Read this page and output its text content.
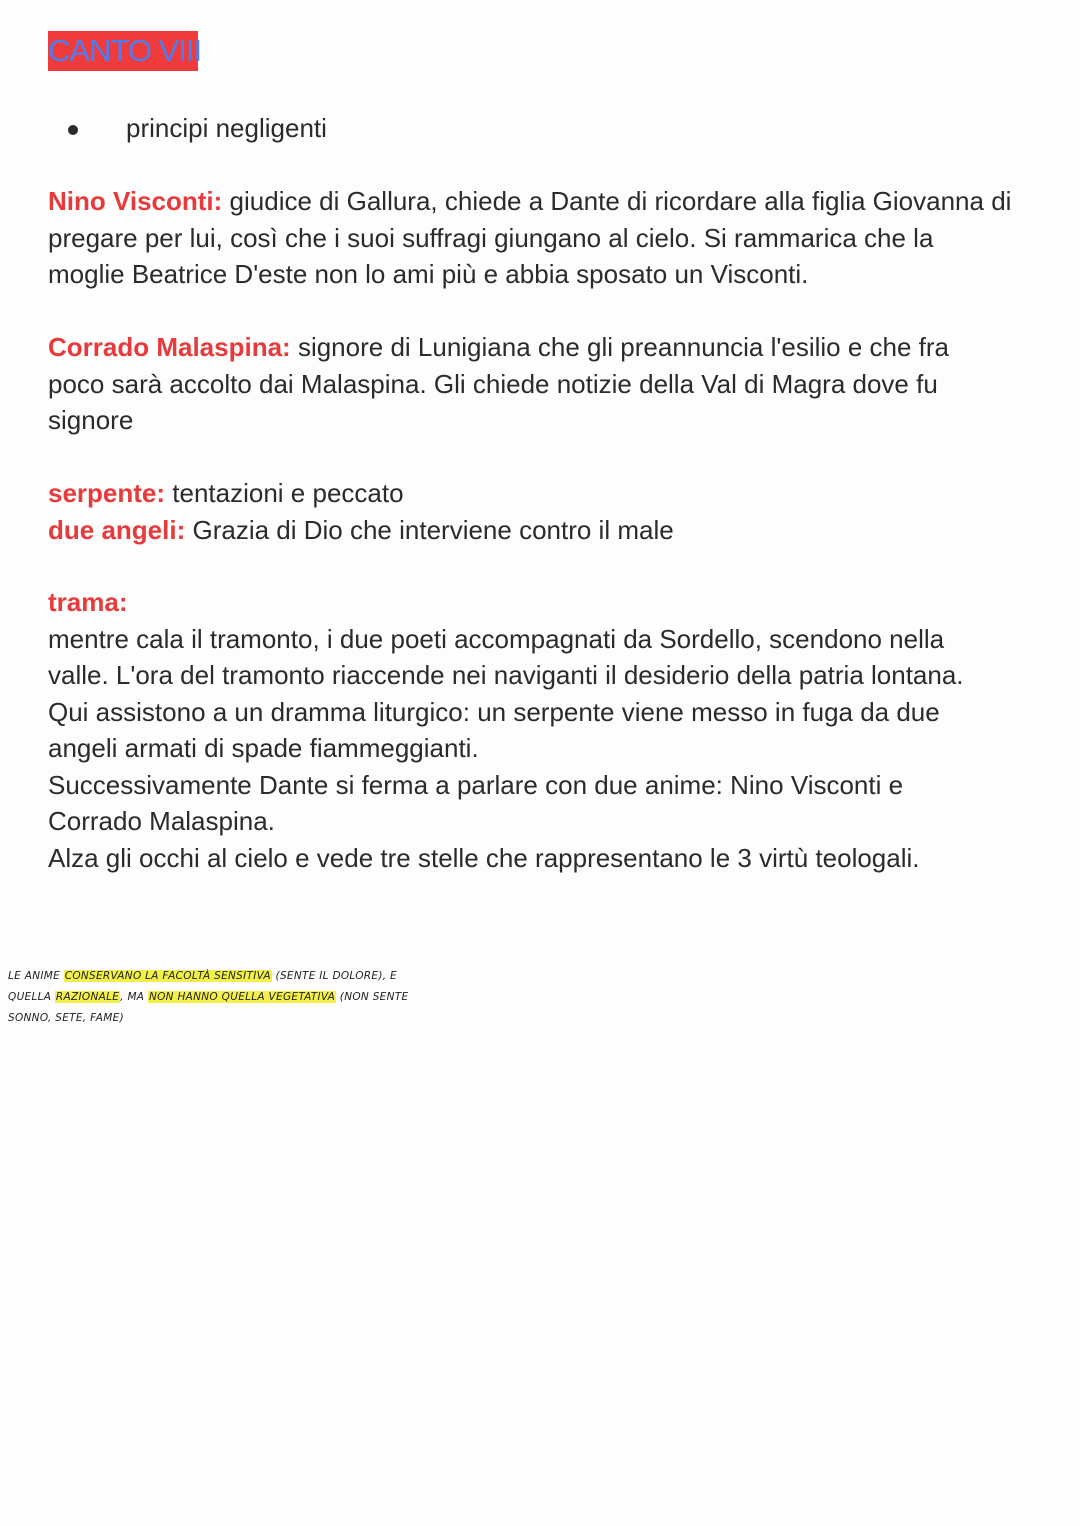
CANTO VIII
principi negligenti
Nino Visconti: giudice di Gallura, chiede a Dante di ricordare alla figlia Giovanna di
pregare per lui, così che i suoi suffragi giungano al cielo. Si rammarica che la
moglie Beatrice D'este non lo ami più e abbia sposato un Visconti.
Corrado Malaspina: signore di Lunigiana che gli preannuncia l'esilio e che fra
poco sarà accolto dai Malaspina. Gli chiede notizie della Val di Magra dove fu
signore
serpente: tentazioni e peccato
due angeli: Grazia di Dio che interviene contro il male
trama:
mentre cala il tramonto, i due poeti accompagnati da Sordello, scendono nella
valle. L'ora del tramonto riaccende nei naviganti il desiderio della patria lontana.
Qui assistono a un dramma liturgico: un serpente viene messo in fuga da due
angeli armati di spade fiammeggianti.
Successivamente Dante si ferma a parlare con due anime: Nino Visconti e
Corrado Malaspina.
Alza gli occhi al cielo e vede tre stelle che rappresentano le 3 virtù teologali.
LE ANIME CONSERVANO LA FACOLTÀ SENSITIVA (SENTE IL DOLORE), E
QUELLA RAZIONALE, MA NON HANNO QUELLA VEGETATIVA (NON SENTE
SONNO, SETE, FAME)
